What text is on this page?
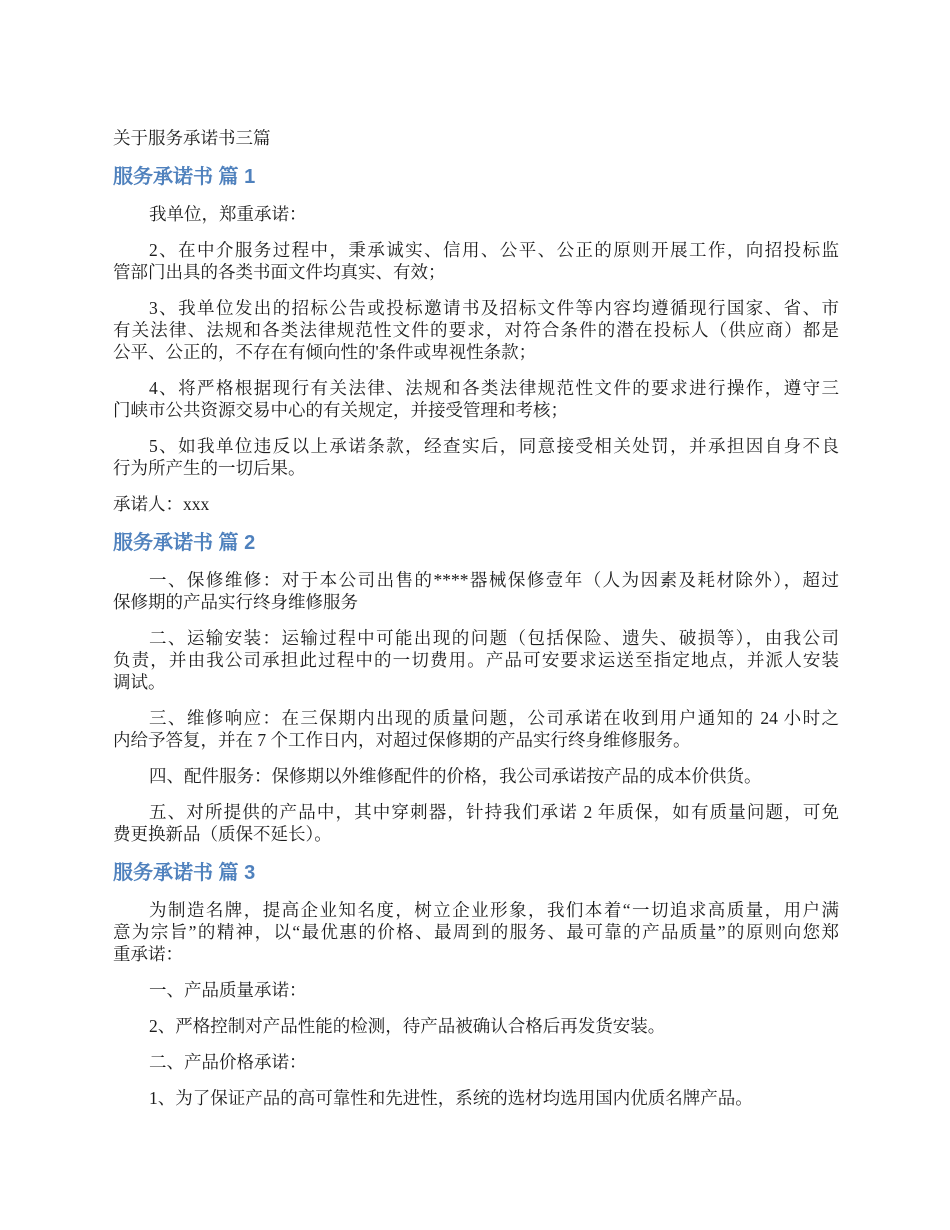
关于服务承诺书三篇
服务承诺书 篇 1
我单位，郑重承诺：
2、在中介服务过程中，秉承诚实、信用、公平、公正的原则开展工作，向招投标监
管部门出具的各类书面文件均真实、有效；
3、我单位发出的招标公告或投标邀请书及招标文件等内容均遵循现行国家、省、市
有关法律、法规和各类法律规范性文件的要求，对符合条件的潜在投标人（供应商）都是
公平、公正的，不存在有倾向性的'条件或卑视性条款；
4、将严格根据现行有关法律、法规和各类法律规范性文件的要求进行操作，遵守三
门峡市公共资源交易中心的有关规定，并接受管理和考核；
5、如我单位违反以上承诺条款，经查实后，同意接受相关处罚，并承担因自身不良
行为所产生的一切后果。
承诺人：xxx
服务承诺书 篇 2
一、保修维修：对于本公司出售的****器械保修壹年（人为因素及耗材除外），超过
保修期的产品实行终身维修服务
二、运输安装：运输过程中可能出现的问题（包括保险、遗失、破损等），由我公司
负责，并由我公司承担此过程中的一切费用。产品可安要求运送至指定地点，并派人安装
调试。
三、维修响应：在三保期内出现的质量问题，公司承诺在收到用户通知的 24 小时之
内给予答复，并在 7 个工作日内，对超过保修期的产品实行终身维修服务。
四、配件服务：保修期以外维修配件的价格，我公司承诺按产品的成本价供货。
五、对所提供的产品中，其中穿刺器，针持我们承诺 2 年质保，如有质量问题，可免
费更换新品（质保不延长）。
服务承诺书 篇 3
为制造名牌，提高企业知名度，树立企业形象，我们本着“一切追求高质量，用户满
意为宗旨”的精神，以“最优惠的价格、最周到的服务、最可靠的产品质量”的原则向您郑
重承诺：
一、产品质量承诺：
2、严格控制对产品性能的检测，待产品被确认合格后再发货安装。
二、产品价格承诺：
1、为了保证产品的高可靠性和先进性，系统的选材均选用国内优质名牌产品。
